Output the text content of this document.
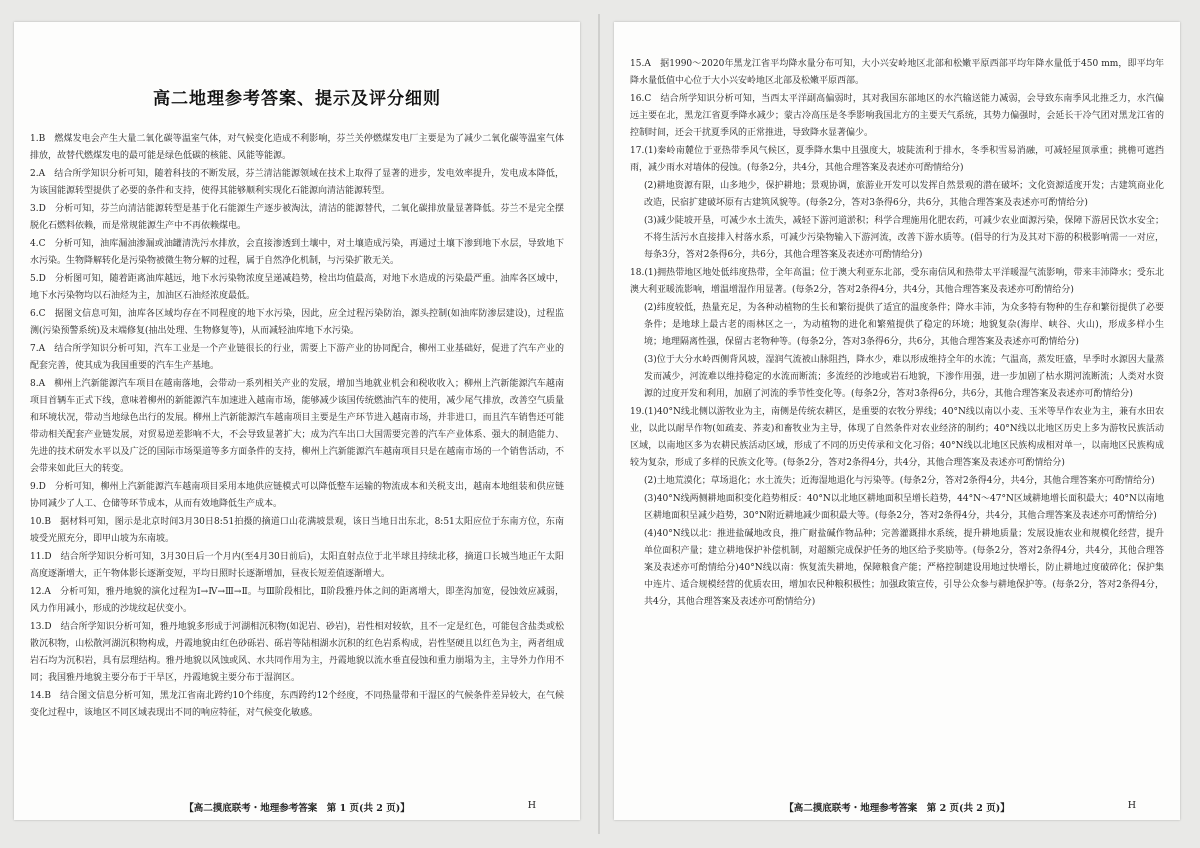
高二地理参考答案、提示及评分细则

1.B　燃煤发电会产生大量二氧化碳等温室气体，对气候变化造成不利影响，芬兰关停燃煤发电厂主要是为了减少二氧化碳等温室气体排放，故替代燃煤发电的最可能是绿色低碳的核能、风能等能源。

2.A　结合所学知识分析可知，随着科技的不断发展，芬兰清洁能源领域在技术上取得了显著的进步，发电效率提升，发电成本降低，为该国能源转型提供了必要的条件和支持，使得其能够顺利实现化石能源向清洁能源转型。

3.D　分析可知，芬兰向清洁能源转型是基于化石能源生产逐步被淘汰，清洁的能源替代，二氧化碳排放量显著降低。芬兰不是完全摆脱化石燃料依赖，而是常规能源生产中不再依赖煤电。

4.C　分析可知，油库漏油渗漏或油罐清洗污水排放，会直接渗透到土壤中，对土壤造成污染，再通过土壤下渗到地下水层，导致地下水污染。生物降解转化是污染物被微生物分解的过程，属于自然净化机制，与污染扩散无关。

5.D　分析图可知，随着距离油库越远，地下水污染物浓度呈递减趋势，检出均值最高，对地下水造成的污染最严重。油库各区域中，地下水污染物均以石油烃为主，加油区石油烃浓度最低。

6.C　据图文信息可知，油库各区域均存在不同程度的地下水污染，因此，应全过程污染防治，源头控制(如油库防渗层建设)，过程监测(污染预警系统)及末端修复(抽出处理、生物修复等)，从而减轻油库地下水污染。

7.A　结合所学知识分析可知，汽车工业是一个产业链很长的行业，需要上下游产业的协同配合，柳州工业基础好，促进了汽车产业的配套完善，使其成为我国重要的汽车生产基地。

8.A　柳州上汽新能源汽车项目在越南落地，会带动一系列相关产业的发展，增加当地就业机会和税收收入；柳州上汽新能源汽车越南项目首辆车正式下线，意味着柳州的新能源汽车加速进入越南市场，能够减少该国传统燃油汽车的使用，减少尾气排放，改善空气质量和环境状况，带动当地绿色出行的发展。柳州上汽新能源汽车越南项目主要是生产环节进入越南市场，并非进口，而且汽车销售还可能带动相关配套产业链发展，对贸易逆差影响不大，不会导致显著扩大；成为汽车出口大国需要完善的汽车产业体系、强大的制造能力、先进的技术研发水平以及广泛的国际市场渠道等多方面条件的支持，柳州上汽新能源汽车越南项目只是在越南市场的一个销售活动，不会带来如此巨大的转变。

9.D　分析可知，柳州上汽新能源汽车越南项目采用本地供应链模式可以降低整车运输的物流成本和关税支出，越南本地组装和供应链协同减少了人工、仓储等环节成本，从而有效地降低生产成本。

10.B　据材料可知，图示是北京时间3月30日8:51拍摄的摘道口山花满坡景观，该日当地日出东北，8:51太阳应位于东南方位，东南坡受光照充分，即甲山坡为东南坡。

11.D　结合所学知识分析可知，3月30日后一个月内(至4月30日前后)，太阳直射点位于北半球且持续北移，摘道口长城当地正午太阳高度逐渐增大，正午物体影长逐渐变短，平均日照时长逐渐增加，昼夜长短差值逐渐增大。

12.A　分析可知，雅丹地貌的演化过程为Ⅰ→Ⅳ→Ⅲ→Ⅱ。与Ⅲ阶段相比，Ⅱ阶段雅丹体之间的距离增大，即垄沟加宽，侵蚀效应减弱，风力作用减小，形成的沙垅纹起伏变小。

13.D　结合所学知识分析可知，雅丹地貌多形成于河湖相沉积物(如泥岩、砂岩)，岩性相对较软，且不一定是红色，可能包含盐类或松散沉积物，山松散河湖沉积物构成，丹霞地貌由红色砂砾岩、砾岩等陆相湖水沉积的红色岩系构成，岩性坚硬且以红色为主，两者组成岩石均为沉积岩，具有层理结构。雅丹地貌以风蚀或风、水共同作用为主，丹霞地貌以流水垂直侵蚀和重力崩塌为主，主导外力作用不同；我国雅丹地貌主要分布于干旱区，丹霞地貌主要分布于湿润区。

14.B　结合图文信息分析可知，黑龙江省南北跨约10个纬度，东西跨约12个经度，不同热量带和干湿区的气候条件差异较大，在气候变化过程中，该地区不同区域表现出不同的响应特征，对气候变化敏感。

【高二摸底联考・地理参考答案　第 1 页(共 2 页)】	H

15.A　据1990～2020年黑龙江省平均降水量分布可知，大小兴安岭地区北部和松嫩平原西部平均年降水量低于450 mm，即平均年降水量低值中心位于大小兴安岭地区北部及松嫩平原西部。

16.C　结合所学知识分析可知，当西太平洋副高偏弱时，其对我国东部地区的水汽输送能力减弱，会导致东南季风北推乏力，水汽偏远主要在北，黑龙江省夏季降水减少；蒙古冷高压是冬季影响我国北方的主要天气系统，其势力偏强时，会延长干冷气团对黑龙江省的控制时间，还会干扰夏季风的正常推进，导致降水显著偏少。

17.(1)秦岭南麓位于亚热带季风气候区，夏季降水集中且强度大，坡陡流利于排水，冬季积雪易消融，可减轻屋顶承重；挑檐可遮挡雨，减少雨水对墙体的侵蚀。(每条2分，共4分，其他合理答案及表述亦可酌情给分)

(2)耕地资源有限，山多地少，保护耕地；景观协调，旅游业开发可以发挥自然景观的潜在破坏；文化资源适度开发；古建筑商业化改造，民宿扩建破坏原有古建筑风貌等。(每条2分，答对3条得6分，共6分，其他合理答案及表述亦可酌情给分)

(3)减少陡坡开垦，可减少水土流失，减轻下游河道淤积；科学合理施用化肥农药，可减少农业面源污染，保障下游居民饮水安全；不将生活污水直接排入村落水系，可减少污染物输入下游河流，改善下游水质等。(倡导的行为及其对下游的积极影响需一一对应，每条3分，答对2条得6分，共6分，其他合理答案及表述亦可酌情给分)

18.(1)拥热带地区地处低纬度热带，全年高温；位于澳大利亚东北部，受东南信风和热带太平洋暖湿气流影响，带来丰沛降水；受东北澳大利亚暖流影响，增温增湿作用显著。(每条2分，答对2条得4分，共4分，其他合理答案及表述亦可酌情给分)

(2)纬度较低，热量充足，为各种动植物的生长和繁衍提供了适宜的温度条件；降水丰沛，为众多特有物种的生存和繁衍提供了必要条件；是地球上最古老的雨林区之一，为动植物的进化和繁殖提供了稳定的环境；地貌复杂(海岸、峡谷、火山)，形成多样小生境；地理隔离性强，保留古老物种等。(每条2分，答对3条得6分，共6分，其他合理答案及表述亦可酌情给分)

(3)位于大分水岭西侧背风坡，湿润气流被山脉阻挡，降水少，难以形成维持全年的水流；气温高，蒸发旺盛，旱季时水源因大量蒸发而减少，河流难以维持稳定的水流而断流；多流经的沙地或岩石地貌，下渗作用强，进一步加剧了枯水期河流断流；人类对水资源的过度开发和利用，加剧了河流的季节性变化等。(每条2分，答对3条得6分，共6分，其他合理答案及表述亦可酌情给分)

19.(1)40°N线北侧以游牧业为主，南侧是传统农耕区，是重要的农牧分界线；40°N线以南以小麦、玉米等旱作农业为主，兼有水田农业，以此以耐旱作物(如疏麦、荞麦)和畜牧业为主导，体现了自然条件对农业经济的制约；40°N线以北地区历史上多为游牧民族活动区域，以南地区多为农耕民族活动区域，形成了不同的历史传承和文化习俗；40°N线以北地区民族构成相对单一，以南地区民族构成较为复杂，形成了多样的民族文化等。(每条2分，答对2条得4分，共4分，其他合理答案及表述亦可酌情给分)

(2)土地荒漠化；草场退化；水土流失；近海湿地退化与污染等。(每条2分，答对2条得4分，共4分，其他合理答案亦可酌情给分)

(3)40°N线两侧耕地面积变化趋势相反：40°N以北地区耕地面积呈增长趋势，44°N～47°N区域耕地增长面积最大；40°N以南地区耕地面积呈减少趋势，30°N附近耕地减少面积最大等。(每条2分，答对2条得4分，共4分，其他合理答案及表述亦可酌情给分)

(4)40°N线以北：推进盐碱地改良，推广耐盐碱作物品种；完善灌溉排水系统，提升耕地质量；发展设施农业和规模化经营，提升单位面积产量；建立耕地保护补偿机制，对超额完成保护任务的地区给予奖励等。(每条2分，答对2条得4分，共4分，其他合理答案及表述亦可酌情给分)40°N线以南：恢复流失耕地，保障粮食产能；严格控制建设用地过快增长，防止耕地过度破碎化；保护集中连片、适合规模经营的优质农田，增加农民种粮积极性；加强政策宣传，引导公众参与耕地保护等。(每条2分，答对2条得4分，共4分，其他合理答案及表述亦可酌情给分)

【高二摸底联考・地理参考答案　第 2 页(共 2 页)】	H
